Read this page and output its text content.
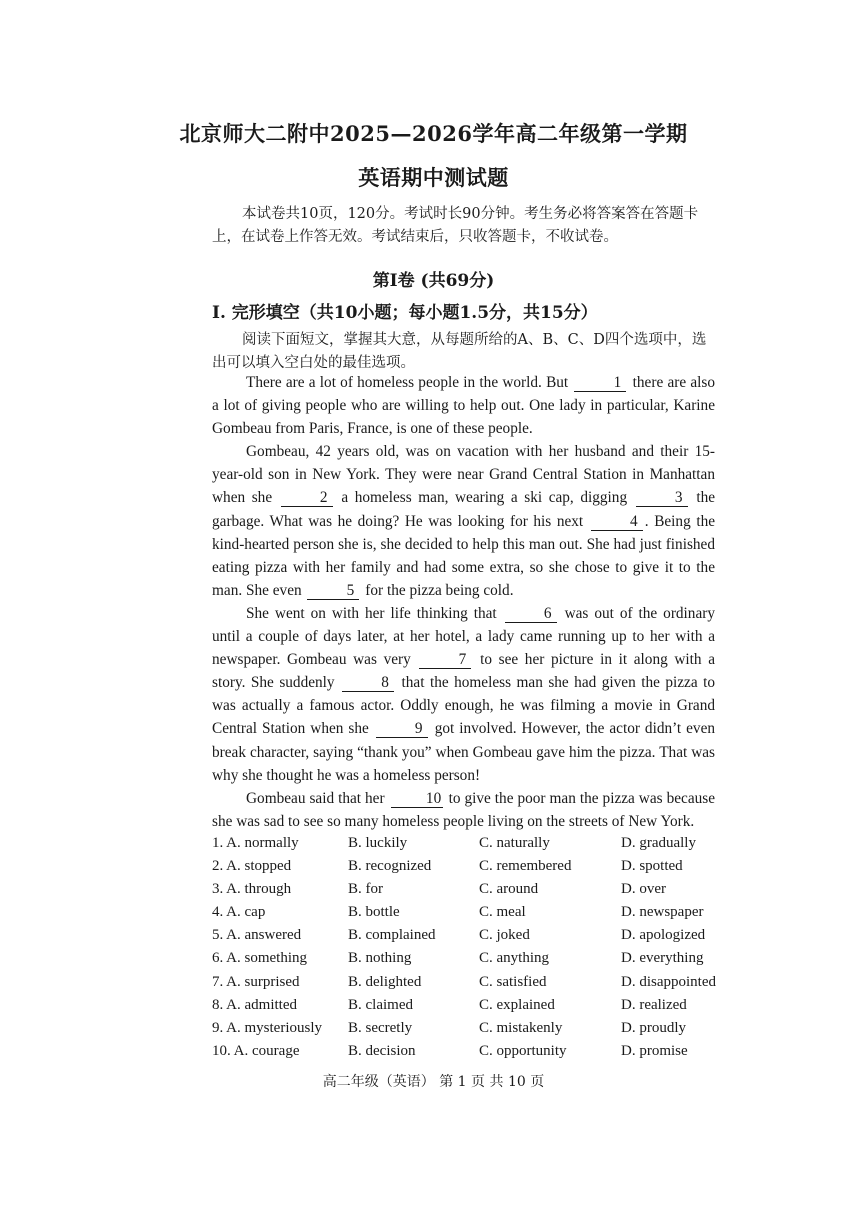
北京师大二附中2025—2026学年高二年级第一学期
英语期中测试题

本试卷共10页，120分。考试时长90分钟。考生务必将答案答在答题卡上，在试卷上作答无效。考试结束后，只收答题卡，不收试卷。

第Ⅰ卷 (共69分)
Ⅰ. 完形填空（共10小题；每小题1.5分，共15分）
阅读下面短文，掌握其大意，从每题所给的A、B、C、D四个选项中，选出可以填入空白处的最佳选项。

There are a lot of homeless people in the world. But	1 there are also a lot of giving people who are willing to help out. One lady in particular, Karine Gombeau from Paris, France, is one of these people.

Gombeau, 42 years old, was on vacation with her husband and their 15-year-old son in New York. They were near Grand Central Station in Manhattan when she	2 a homeless man, wearing a ski cap, digging	3 the garbage. What was he doing? He was looking for his next	4 . Being the kind-hearted person she is, she decided to help this man out. She had just finished eating pizza with her family and had some extra, so she chose to give it to the man. She even	5 for the pizza being cold.

She went on with her life thinking that	6 was out of the ordinary until a couple of days later, at her hotel, a lady came running up to her with a newspaper. Gombeau was very	7 to see her picture in it along with a story. She suddenly	8 that the homeless man she had given the pizza to was actually a famous actor. Oddly enough, he was filming a movie in Grand Central Station when she	9 got involved. However, the actor didn’t even break character, saying “thank you” when Gombeau gave him the pizza. That was why she thought he was a homeless person!

Gombeau said that her	10 to give the poor man the pizza was because she was sad to see so many homeless people living on the streets of New York.

1. A. normally	B. luckily	C. naturally	D. gradually
2. A. stopped	B. recognized	C. remembered	D. spotted
3. A. through	B. for	C. around	D. over
4. A. cap	B. bottle	C. meal	D. newspaper
5. A. answered	B. complained	C. joked	D. apologized
6. A. something	B. nothing	C. anything	D. everything
7. A. surprised	B. delighted	C. satisfied	D. disappointed
8. A. admitted	B. claimed	C. explained	D. realized
9. A. mysteriously	B. secretly	C. mistakenly	D. proudly
10. A. courage	B. decision	C. opportunity	D. promise
高二年级（英语） 第 1 页 共 10 页
